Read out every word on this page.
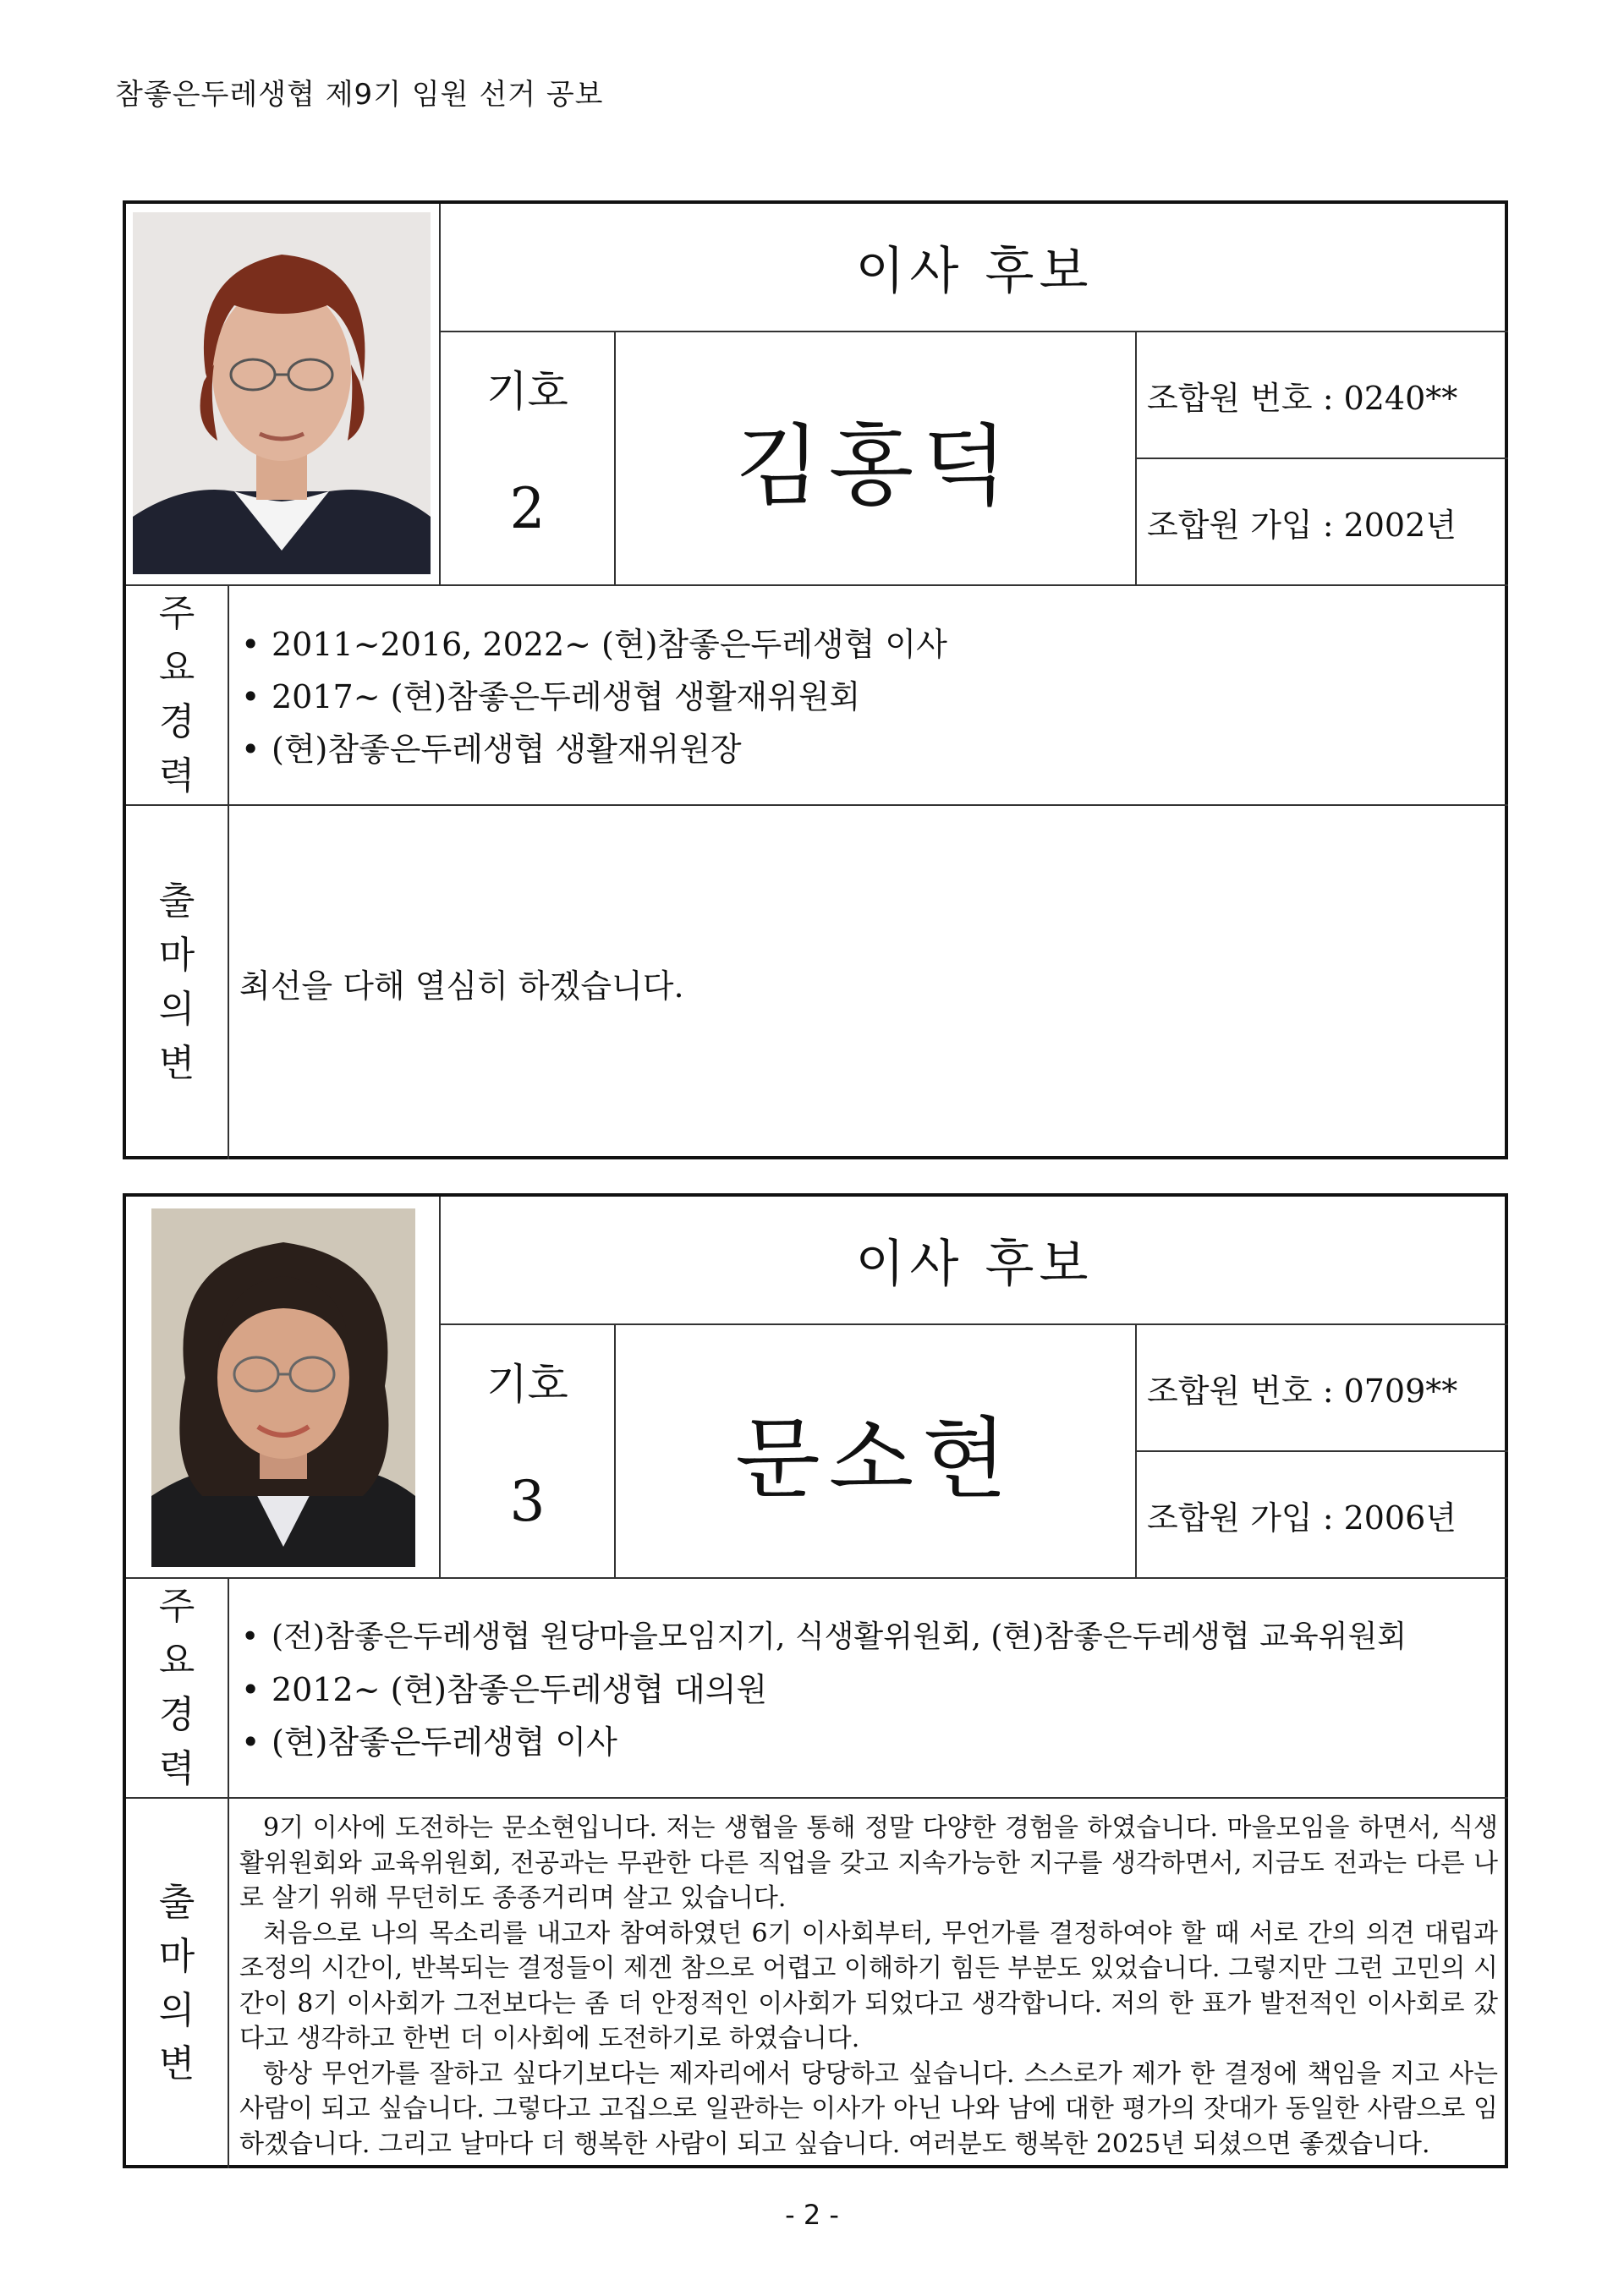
참좋은두레생협 제9기 임원 선거 공보
이사 후보
기호
2	김홍덕
조합원 번호 : 0240**
조합원 가입 : 2002년
주
요
경
력
• 2011~2016, 2022~ (현)참좋은두레생협 이사
• 2017~ (현)참좋은두레생협 생활재위원회
• (현)참좋은두레생협 생활재위원장
출
마
의
변
최선을 다해 열심히 하겠습니다.
이사 후보
기호
3	문소현
조합원 번호 : 0709**
조합원 가입 : 2006년
주
요
경
력
• (전)참좋은두레생협 원당마을모임지기, 식생활위원회, (현)참좋은두레생협 교육위원회
• 2012~ (현)참좋은두레생협 대의원
• (현)참좋은두레생협 이사
출
마
의
변

9기 이사에 도전하는 문소현입니다. 저는 생협을 통해 정말 다양한 경험을 하였습니다. 마을모임을 하면서, 식생활위원회와 교육위원회, 전공과는 무관한 다른 직업을 갖고 지속가능한 지구를 생각하면서, 지금도 전과는 다른 나로 살기 위해 무던히도 종종거리며 살고 있습니다.

처음으로 나의 목소리를 내고자 참여하였던 6기 이사회부터, 무언가를 결정하여야 할 때 서로 간의 의견 대립과 조정의 시간이, 반복되는 결정들이 제겐 참으로 어렵고 이해하기 힘든 부분도 있었습니다. 그렇지만 그런 고민의 시간이 8기 이사회가 그전보다는 좀 더 안정적인 이사회가 되었다고 생각합니다. 저의 한 표가 발전적인 이사회로 갔다고 생각하고 한번 더 이사회에 도전하기로 하였습니다.

항상 무언가를 잘하고 싶다기보다는 제자리에서 당당하고 싶습니다. 스스로가 제가 한 결정에 책임을 지고 사는 사람이 되고 싶습니다. 그렇다고 고집으로 일관하는 이사가 아닌 나와 남에 대한 평가의 잣대가 동일한 사람으로 임하겠습니다. 그리고 날마다 더 행복한 사람이 되고 싶습니다. 여러분도 행복한 2025년 되셨으면 좋겠습니다.

- 2 -
